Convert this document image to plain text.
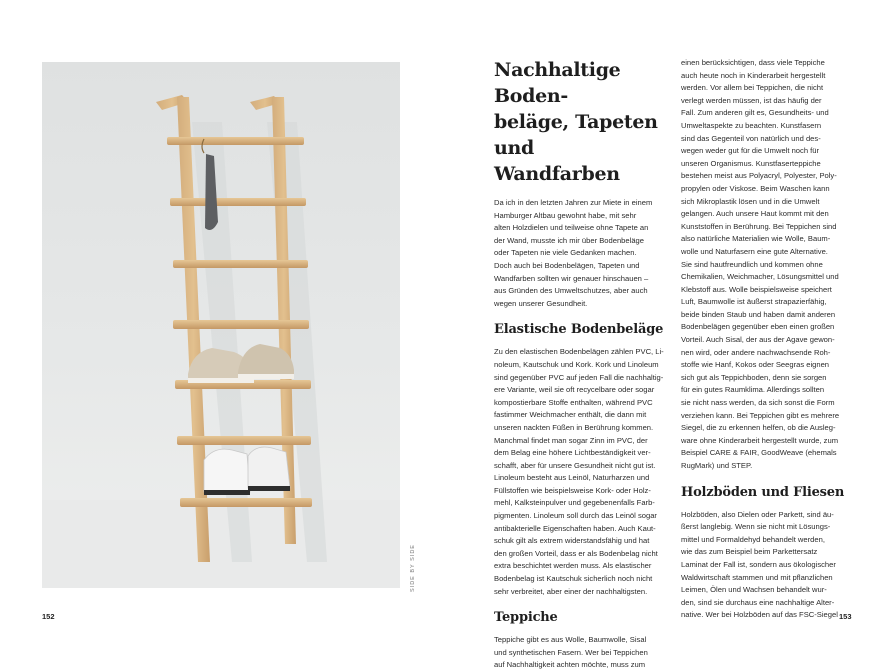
SIDE BY SIDE
152	153
Nachhaltige Boden-
beläge, Tapeten und
Wandfarben

Da ich in den letzten Jahren zur Miete in einem

Hamburger Altbau gewohnt habe, mit sehr

alten Holzdielen und teilweise ohne Tapete an

der Wand, musste ich mir über Bodenbeläge

oder Tapeten nie viele Gedanken machen.

Doch auch bei Bodenbelägen, Tapeten und

Wandfarben sollten wir genauer hinschauen –

aus Gründen des Umweltschutzes, aber auch

wegen unserer Gesundheit.

Elastische Bodenbeläge

Zu den elastischen Bodenbelägen zählen PVC, Li-

noleum, Kautschuk und Kork. Kork und Linoleum

sind gegenüber PVC auf jeden Fall die nachhaltig-

ere Variante, weil sie oft recycelbare oder sogar

kompostierbare Stoffe enthalten, während PVC

fastimmer Weichmacher enthält, die dann mit

unseren nackten Füßen in Berührung kommen.

Manchmal findet man sogar Zinn im PVC, der

dem Belag eine höhere Lichtbeständigkeit ver-

schafft, aber für unsere Gesundheit nicht gut ist.

Linoleum besteht aus Leinöl, Naturharzen und

Füllstoffen wie beispielsweise Kork- oder Holz-

mehl, Kalksteinpulver und gegebenenfalls Farb-

pigmenten. Linoleum soll durch das Leinöl sogar

antibakterielle Eigenschaften haben. Auch Kaut-

schuk gilt als extrem widerstandsfähig und hat

den großen Vorteil, dass er als Bodenbelag nicht

extra beschichtet werden muss. Als elastischer

Bodenbelag ist Kautschuk sicherlich noch nicht

sehr verbreitet, aber einer der nachhaltigsten.

Teppiche

Teppiche gibt es aus Wolle, Baumwolle, Sisal

und synthetischen Fasern. Wer bei Teppichen

auf Nachhaltigkeit achten möchte, muss zum

einen berücksichtigen, dass viele Teppiche

auch heute noch in Kinderarbeit hergestellt

werden. Vor allem bei Teppichen, die nicht

verlegt werden müssen, ist das häufig der

Fall. Zum anderen gilt es, Gesundheits- und

Umweltaspekte zu beachten. Kunstfasern

sind das Gegenteil von natürlich und des-

wegen weder gut für die Umwelt noch für

unseren Organismus. Kunstfaserteppiche

bestehen meist aus Polyacryl, Polyester, Poly-

propylen oder Viskose. Beim Waschen kann

sich Mikroplastik lösen und in die Umwelt

gelangen. Auch unsere Haut kommt mit den

Kunststoffen in Berührung. Bei Teppichen sind

also natürliche Materialien wie Wolle, Baum-

wolle und Naturfasern eine gute Alternative.

Sie sind hautfreundlich und kommen ohne

Chemikalien, Weichmacher, Lösungsmittel und

Klebstoff aus. Wolle beispielsweise speichert

Luft, Baumwolle ist äußerst strapazierfähig,

beide binden Staub und haben damit anderen

Bodenbelägen gegenüber eben einen großen

Vorteil. Auch Sisal, der aus der Agave gewon-

nen wird, oder andere nachwachsende Roh-

stoffe wie Hanf, Kokos oder Seegras eignen

sich gut als Teppichboden, denn sie sorgen

für ein gutes Raumklima. Allerdings sollten

sie nicht nass werden, da sich sonst die Form

verziehen kann. Bei Teppichen gibt es mehrere

Siegel, die zu erkennen helfen, ob die Ausleg-

ware ohne Kinderarbeit hergestellt wurde, zum

Beispiel CARE & FAIR, GoodWeave (ehemals

RugMark) und STEP.

Holzböden und Fliesen

Holzböden, also Dielen oder Parkett, sind äu-

ßerst langlebig. Wenn sie nicht mit Lösungs-

mittel und Formaldehyd behandelt werden,

wie das zum Beispiel beim Parkettersatz

Laminat der Fall ist, sondern aus ökologischer

Waldwirtschaft stammen und mit pflanzlichen

Leimen, Ölen und Wachsen behandelt wur-

den, sind sie durchaus eine nachhaltige Alter-

native. Wer bei Holzböden auf das FSC-Siegel
